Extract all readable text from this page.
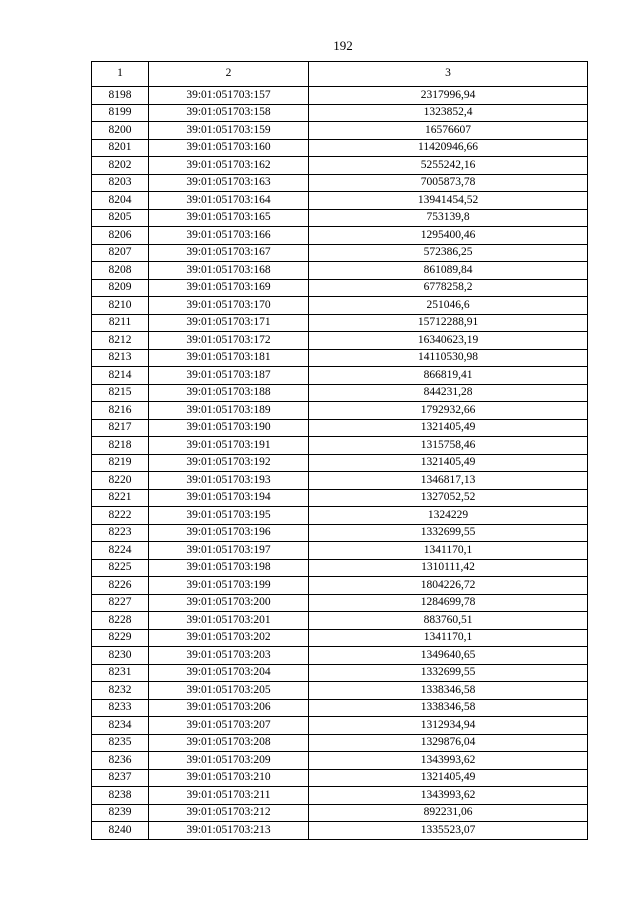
192
1	2	3
8198	39:01:051703:157	2317996,94
8199	39:01:051703:158	1323852,4
8200	39:01:051703:159	16576607
8201	39:01:051703:160	11420946,66
8202	39:01:051703:162	5255242,16
8203	39:01:051703:163	7005873,78
8204	39:01:051703:164	13941454,52
8205	39:01:051703:165	753139,8
8206	39:01:051703:166	1295400,46
8207	39:01:051703:167	572386,25
8208	39:01:051703:168	861089,84
8209	39:01:051703:169	6778258,2
8210	39:01:051703:170	251046,6
8211	39:01:051703:171	15712288,91
8212	39:01:051703:172	16340623,19
8213	39:01:051703:181	14110530,98
8214	39:01:051703:187	866819,41
8215	39:01:051703:188	844231,28
8216	39:01:051703:189	1792932,66
8217	39:01:051703:190	1321405,49
8218	39:01:051703:191	1315758,46
8219	39:01:051703:192	1321405,49
8220	39:01:051703:193	1346817,13
8221	39:01:051703:194	1327052,52
8222	39:01:051703:195	1324229
8223	39:01:051703:196	1332699,55
8224	39:01:051703:197	1341170,1
8225	39:01:051703:198	1310111,42
8226	39:01:051703:199	1804226,72
8227	39:01:051703:200	1284699,78
8228	39:01:051703:201	883760,51
8229	39:01:051703:202	1341170,1
8230	39:01:051703:203	1349640,65
8231	39:01:051703:204	1332699,55
8232	39:01:051703:205	1338346,58
8233	39:01:051703:206	1338346,58
8234	39:01:051703:207	1312934,94
8235	39:01:051703:208	1329876,04
8236	39:01:051703:209	1343993,62
8237	39:01:051703:210	1321405,49
8238	39:01:051703:211	1343993,62
8239	39:01:051703:212	892231,06
8240	39:01:051703:213	1335523,07
